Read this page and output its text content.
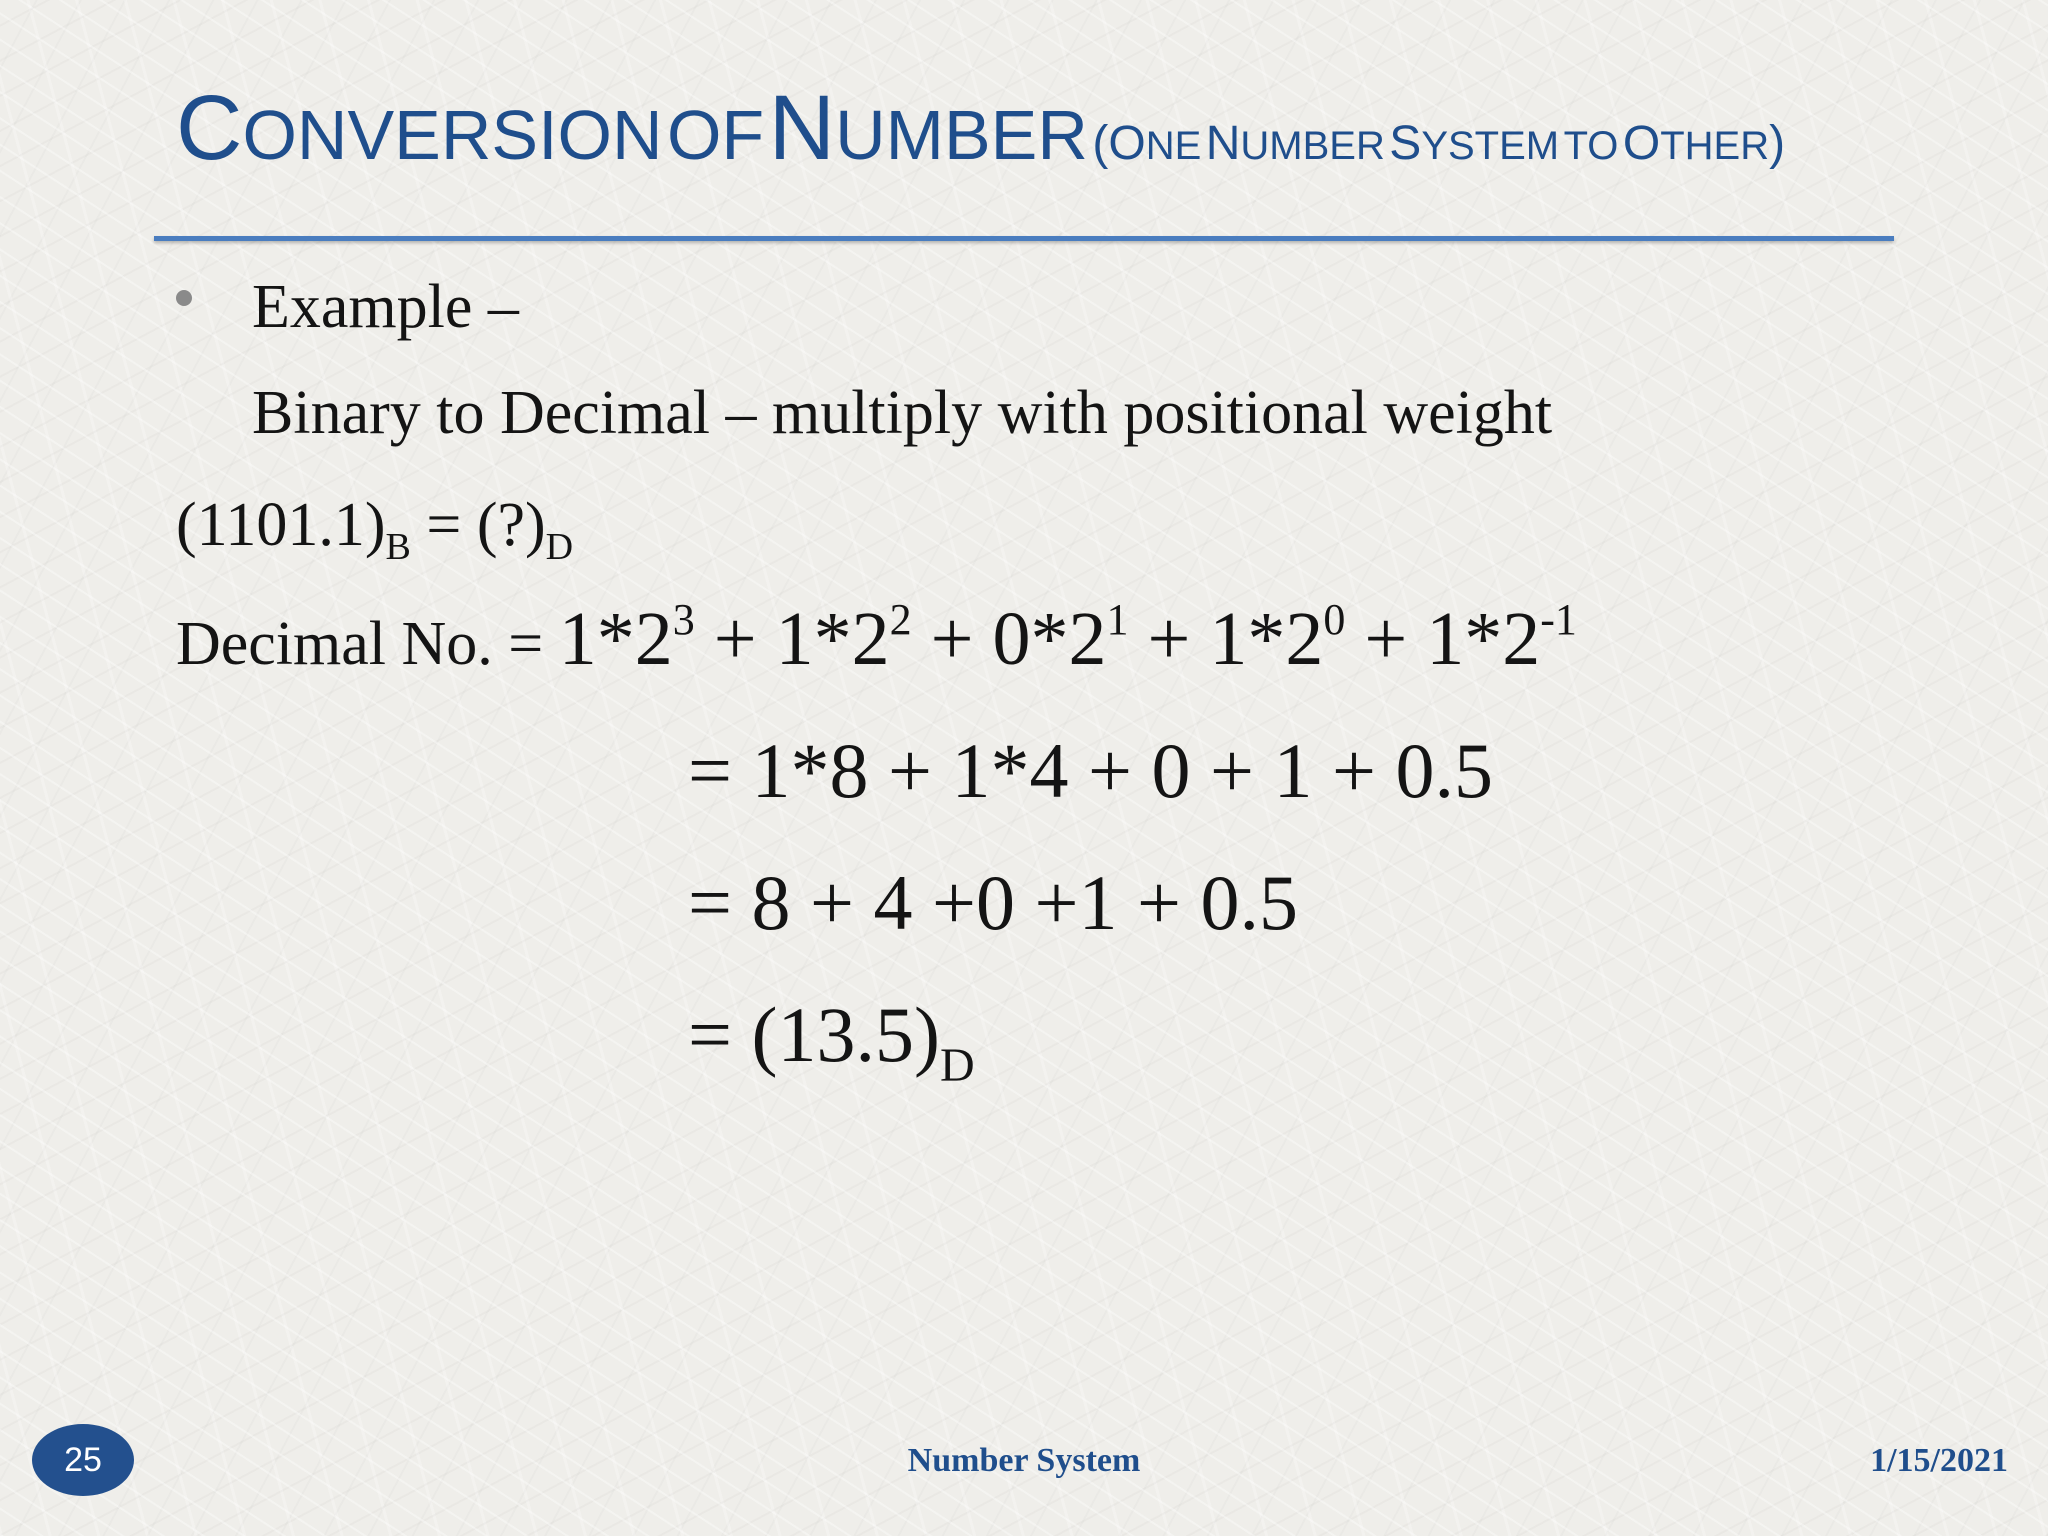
CONVERSION OF NUMBER (ONE NUMBER SYSTEM TO OTHER)
Example –
Binary to Decimal – multiply with positional weight
$(1101.1)_B$ = $(?)_D$
Decimal No. = $1*2^3 + 1*2^2 + 0*2^1 + 1*2^0 + 1*2^{-1}$
= 1*8 + 1*4 + 0 + 1 + 0.5
= 8 + 4 +0 +1 + 0.5
= $(13.5)_D$
25	Number System	1/15/2021
